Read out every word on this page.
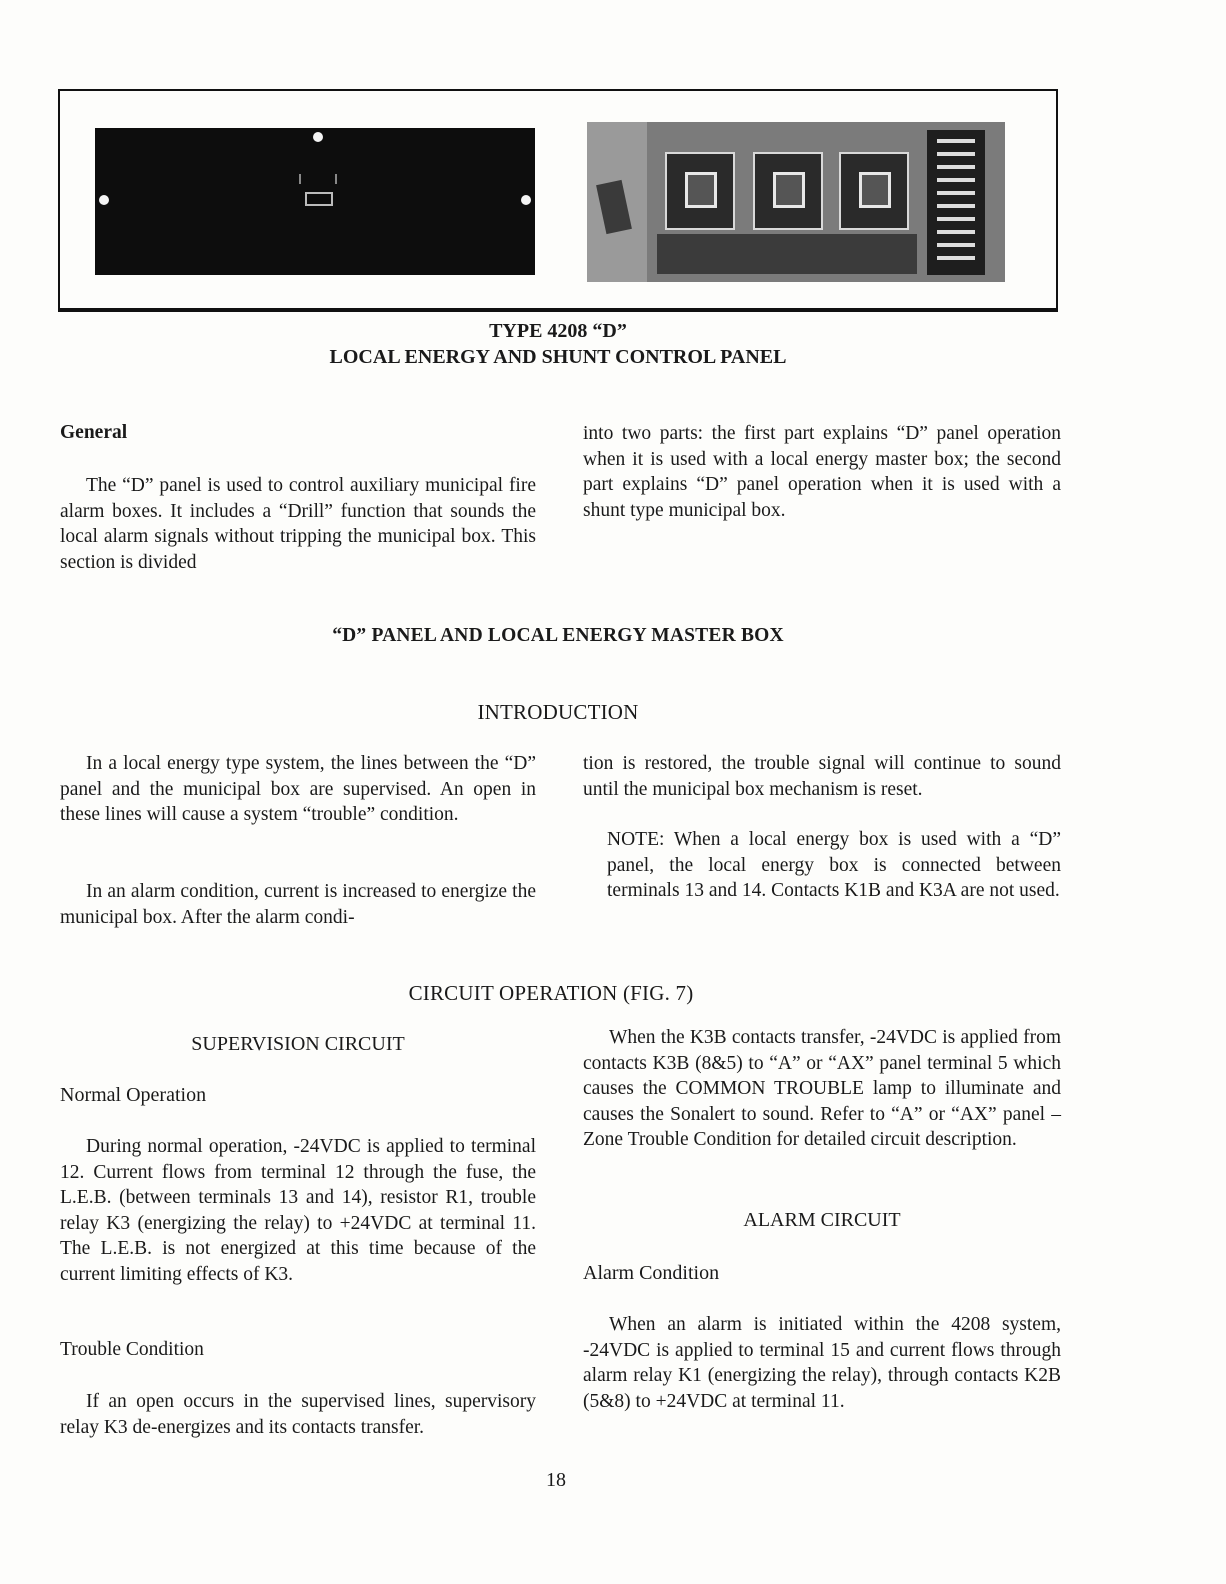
TYPE 4208 “D”
LOCAL ENERGY AND SHUNT CONTROL PANEL
General

The “D” panel is used to control auxiliary municipal fire alarm boxes. It includes a “Drill” function that sounds the local alarm signals without tripping the municipal box. This section is divided

into two parts: the first part explains “D” panel operation when it is used with a local energy master box; the second part explains “D” panel operation when it is used with a shunt type municipal box.

“D” PANEL AND LOCAL ENERGY MASTER BOX
INTRODUCTION

In a local energy type system, the lines between the “D” panel and the municipal box are supervised. An open in these lines will cause a system “trouble” condition.

In an alarm condition, current is increased to energize the municipal box. After the alarm condi-

tion is restored, the trouble signal will continue to sound until the municipal box mechanism is reset.

NOTE: When a local energy box is used with a “D” panel, the local energy box is connected between terminals 13 and 14. Contacts K1B and K3A are not used.

CIRCUIT OPERATION (FIG. 7)
SUPERVISION CIRCUIT
Normal Operation

During normal operation, -24VDC is applied to terminal 12. Current flows from terminal 12 through the fuse, the L.E.B. (between terminals 13 and 14), resistor R1, trouble relay K3 (energizing the relay) to +24VDC at terminal 11. The L.E.B. is not energized at this time because of the current limiting effects of K3.

Trouble Condition

If an open occurs in the supervised lines, supervisory relay K3 de-energizes and its contacts transfer.

When the K3B contacts transfer, -24VDC is applied from contacts K3B (8&5) to “A” or “AX” panel terminal 5 which causes the COMMON TROUBLE lamp to illuminate and causes the Sonalert to sound. Refer to “A” or “AX” panel – Zone Trouble Condition for detailed circuit description.

ALARM CIRCUIT
Alarm Condition

When an alarm is initiated within the 4208 system, -24VDC is applied to terminal 15 and current flows through alarm relay K1 (energizing the relay), through contacts K2B (5&8) to +24VDC at terminal 11.

18
